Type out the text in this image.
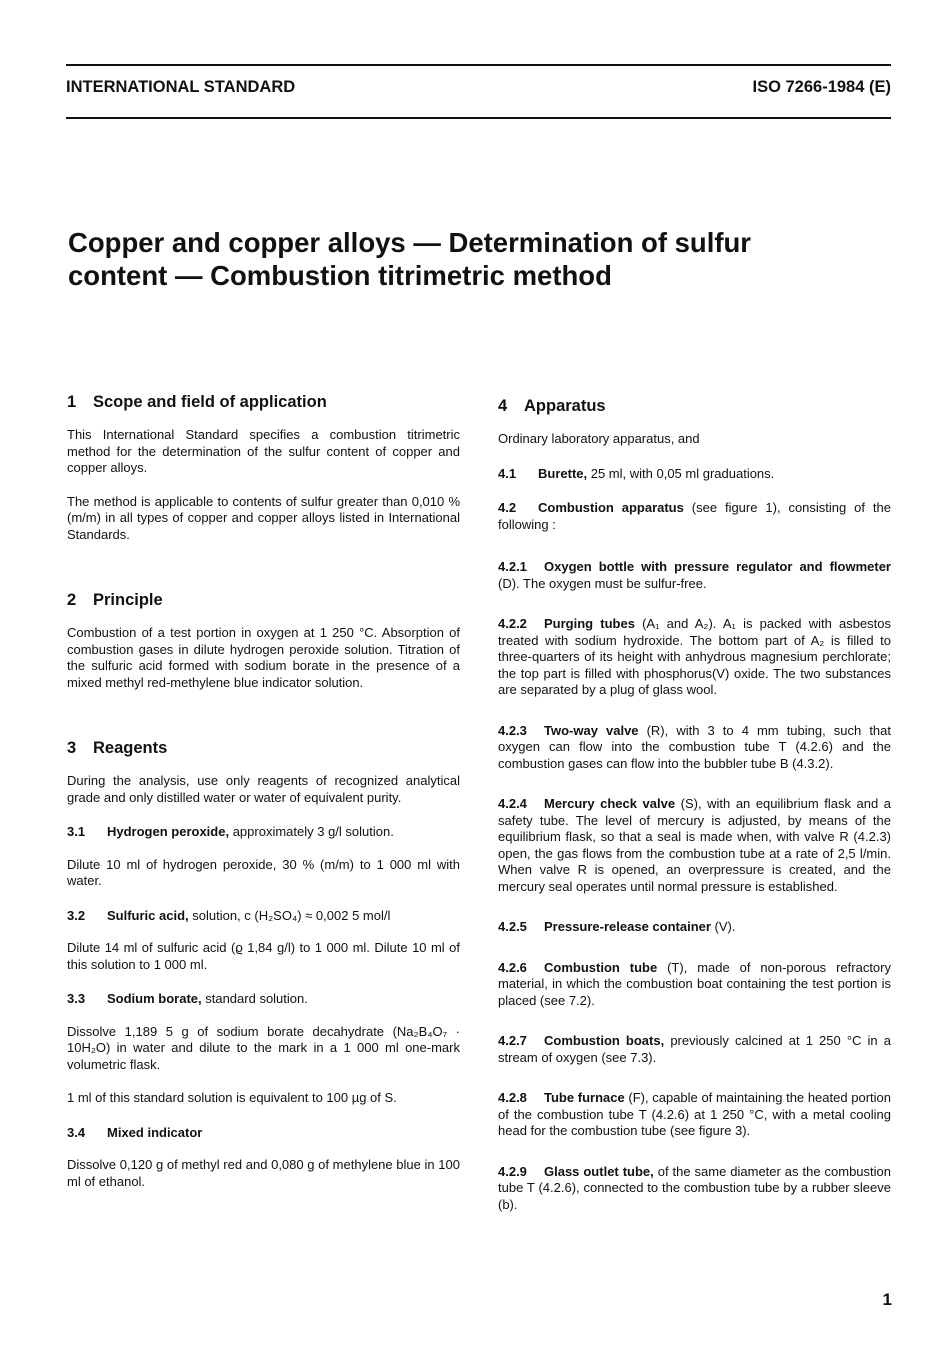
INTERNATIONAL STANDARD	ISO 7266-1984 (E)
Copper and copper alloys — Determination of sulfur
content — Combustion titrimetric method
1 Scope and field of application

This International Standard specifies a combustion titrimetric method for the determination of the sulfur content of copper and copper alloys.

The method is applicable to contents of sulfur greater than 0,010 % (m/m) in all types of copper and copper alloys listed in International Standards.

2 Principle

Combustion of a test portion in oxygen at 1 250 °C. Absorption of combustion gases in dilute hydrogen peroxide solution. Titration of the sulfuric acid formed with sodium borate in the presence of a mixed methyl red-methylene blue indicator solution.

3 Reagents

During the analysis, use only reagents of recognized analytical grade and only distilled water or water of equivalent purity.

3.1 Hydrogen peroxide, approximately 3 g/l solution.

Dilute 10 ml of hydrogen peroxide, 30 % (m/m) to 1 000 ml with water.

3.2 Sulfuric acid, solution, c (H₂SO₄) ≈ 0,002 5 mol/l

Dilute 14 ml of sulfuric acid (ϱ 1,84 g/l) to 1 000 ml. Dilute 10 ml of this solution to 1 000 ml.

3.3 Sodium borate, standard solution.

Dissolve 1,189 5 g of sodium borate decahydrate (Na₂B₄O₇ · 10H₂O) in water and dilute to the mark in a 1 000 ml one-mark volumetric flask.

1 ml of this standard solution is equivalent to 100 µg of S.

3.4 Mixed indicator

Dissolve 0,120 g of methyl red and 0,080 g of methylene blue in 100 ml of ethanol.

4 Apparatus

Ordinary laboratory apparatus, and

4.1 Burette, 25 ml, with 0,05 ml graduations.

4.2 Combustion apparatus (see figure 1), consisting of the following :

4.2.1 Oxygen bottle with pressure regulator and flowmeter (D). The oxygen must be sulfur-free.

4.2.2 Purging tubes (A₁ and A₂). A₁ is packed with asbestos treated with sodium hydroxide. The bottom part of A₂ is filled to three-quarters of its height with anhydrous magnesium perchlorate; the top part is filled with phosphorus(V) oxide. The two substances are separated by a plug of glass wool.

4.2.3 Two-way valve (R), with 3 to 4 mm tubing, such that oxygen can flow into the combustion tube T (4.2.6) and the combustion gases can flow into the bubbler tube B (4.3.2).

4.2.4 Mercury check valve (S), with an equilibrium flask and a safety tube. The level of mercury is adjusted, by means of the equilibrium flask, so that a seal is made when, with valve R (4.2.3) open, the gas flows from the combustion tube at a rate of 2,5 l/min. When valve R is opened, an overpressure is created, and the mercury seal operates until normal pressure is established.

4.2.5 Pressure-release container (V).

4.2.6 Combustion tube (T), made of non-porous refractory material, in which the combustion boat containing the test portion is placed (see 7.2).

4.2.7 Combustion boats, previously calcined at 1 250 °C in a stream of oxygen (see 7.3).

4.2.8 Tube furnace (F), capable of maintaining the heated portion of the combustion tube T (4.2.6) at 1 250 °C, with a metal cooling head for the combustion tube (see figure 3).

4.2.9 Glass outlet tube, of the same diameter as the combustion tube T (4.2.6), connected to the combustion tube by a rubber sleeve (b).

1
